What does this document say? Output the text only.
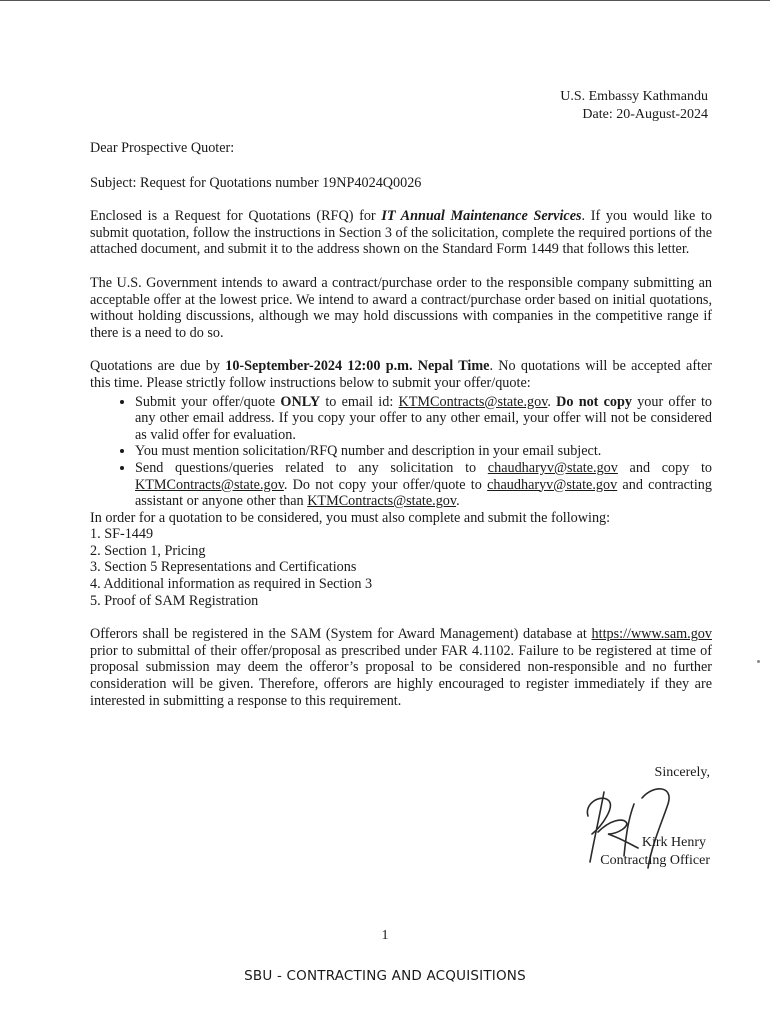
U.S. Embassy Kathmandu
Date: 20-August-2024

Dear Prospective Quoter:

Subject: Request for Quotations number 19NP4024Q0026

Enclosed is a Request for Quotations (RFQ) for IT Annual Maintenance Services. If you would like to submit quotation, follow the instructions in Section 3 of the solicitation, complete the required portions of the attached document, and submit it to the address shown on the Standard Form 1449 that follows this letter.

The U.S. Government intends to award a contract/purchase order to the responsible company submitting an acceptable offer at the lowest price. We intend to award a contract/purchase order based on initial quotations, without holding discussions, although we may hold discussions with companies in the competitive range if there is a need to do so.

Quotations are due by 10-September-2024 12:00 p.m. Nepal Time. No quotations will be accepted after this time. Please strictly follow instructions below to submit your offer/quote:

• Submit your offer/quote ONLY to email id: KTMContracts@state.gov. Do not copy your offer to any other email address. If you copy your offer to any other email, your offer will not be considered as valid offer for evaluation.
• You must mention solicitation/RFQ number and description in your email subject.
• Send questions/queries related to any solicitation to chaudharyv@state.gov and copy to KTMContracts@state.gov. Do not copy your offer/quote to chaudharyv@state.gov and contracting assistant or anyone other than KTMContracts@state.gov.

In order for a quotation to be considered, you must also complete and submit the following:

1. SF-1449
2. Section 1, Pricing
3. Section 5 Representations and Certifications
4. Additional information as required in Section 3
5. Proof of SAM Registration

Offerors shall be registered in the SAM (System for Award Management) database at https://www.sam.gov prior to submittal of their offer/proposal as prescribed under FAR 4.1102. Failure to be registered at time of proposal submission may deem the offeror’s proposal to be considered non-responsible and no further consideration will be given. Therefore, offerors are highly encouraged to register immediately if they are interested in submitting a response to this requirement.

Sincerely,
Kirk Henry
Contracting Officer
1
SBU - CONTRACTING AND ACQUISITIONS
